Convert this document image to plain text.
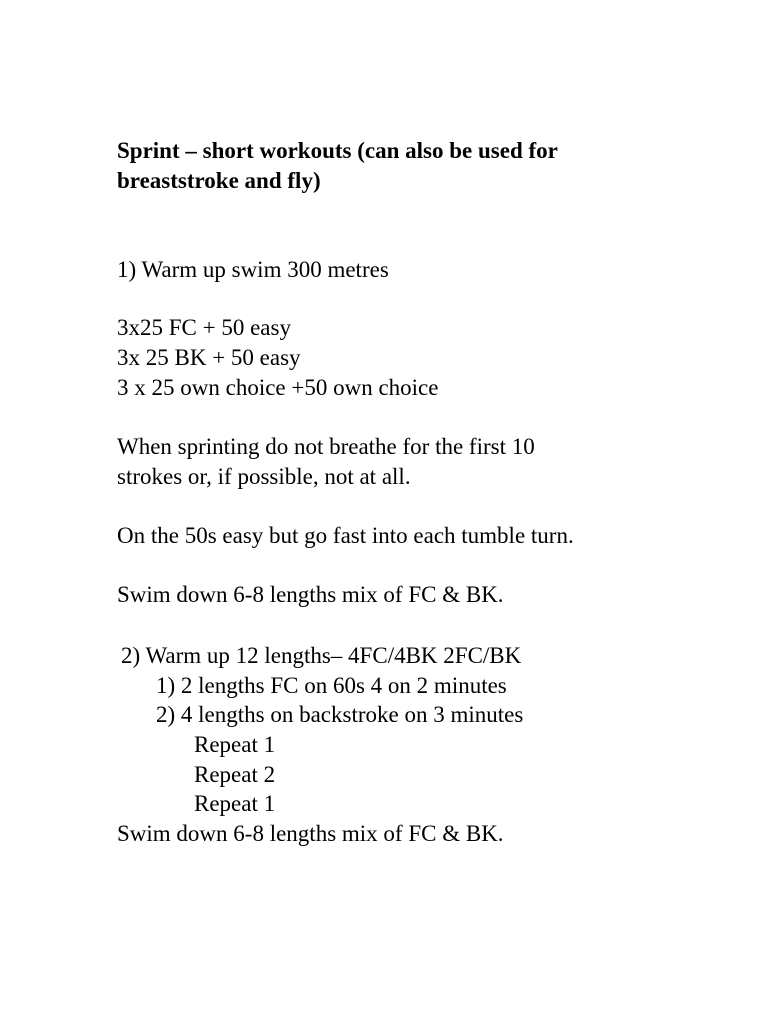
Sprint – short workouts (can also be used for
breaststroke and fly)
1) Warm up swim 300 metres
3x25 FC + 50 easy
3x 25 BK + 50 easy
3 x 25 own choice +50 own choice
When sprinting do not breathe for the first 10
strokes or, if possible, not at all.
On the 50s easy but go fast into each tumble turn.
Swim down 6-8 lengths mix of FC & BK.
2) Warm up 12 lengths– 4FC/4BK 2FC/BK
1) 2 lengths FC on 60s 4 on 2 minutes
2) 4 lengths on backstroke on 3 minutes
Repeat 1
Repeat 2
Repeat 1
Swim down 6-8 lengths mix of FC & BK.
